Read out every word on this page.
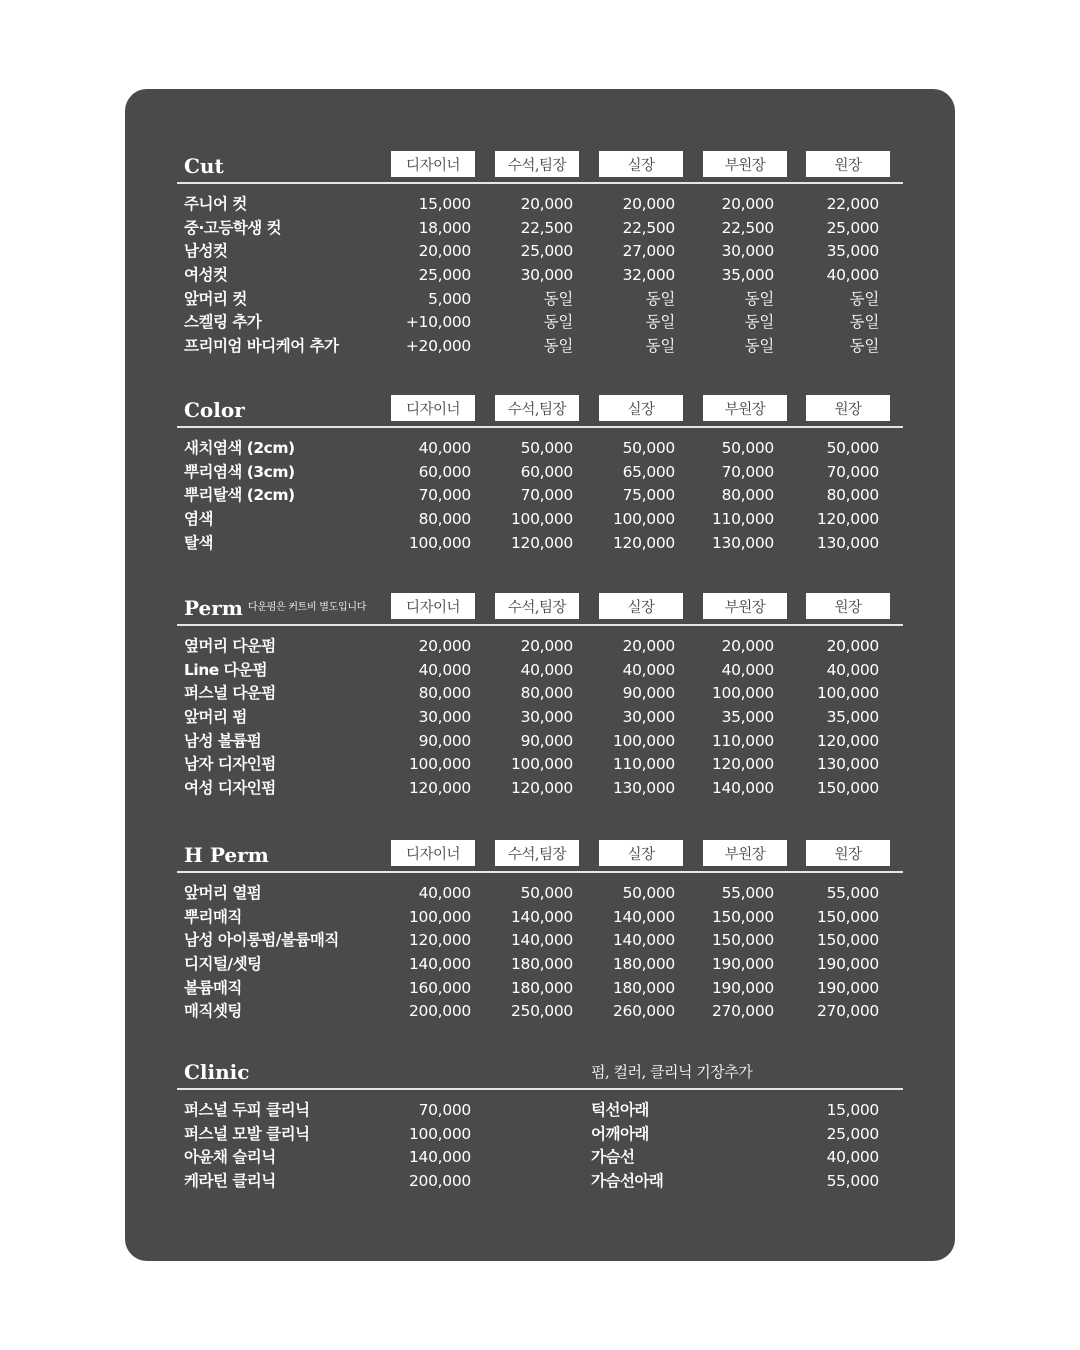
Cut	디자이너	수석,팀장	실장	부원장	원장
주니어 컷	15,000	20,000	20,000	20,000	22,000
중·고등학생 컷	18,000	22,500	22,500	22,500	25,000
남성컷	20,000	25,000	27,000	30,000	35,000
여성컷	25,000	30,000	32,000	35,000	40,000
앞머리 컷	5,000	동일	동일	동일	동일
스켈링 추가	+10,000	동일	동일	동일	동일
프리미엄 바디케어 추가	+20,000	동일	동일	동일	동일
Color	디자이너	수석,팀장	실장	부원장	원장
새치염색 (2cm)	40,000	50,000	50,000	50,000	50,000
뿌리염색 (3cm)	60,000	60,000	65,000	70,000	70,000
뿌리탈색 (2cm)	70,000	70,000	75,000	80,000	80,000
염색	80,000	100,000	100,000	110,000	120,000
탈색	100,000	120,000	120,000	130,000	130,000
Perm 다운펌은 커트비 별도입니다	디자이너	수석,팀장	실장	부원장	원장
옆머리 다운펌	20,000	20,000	20,000	20,000	20,000
Line 다운펌	40,000	40,000	40,000	40,000	40,000
퍼스널 다운펌	80,000	80,000	90,000	100,000	100,000
앞머리 펌	30,000	30,000	30,000	35,000	35,000
남성 볼륨펌	90,000	90,000	100,000	110,000	120,000
남자 디자인펌	100,000	100,000	110,000	120,000	130,000
여성 디자인펌	120,000	120,000	130,000	140,000	150,000
H Perm	디자이너	수석,팀장	실장	부원장	원장
앞머리 열펌	40,000	50,000	50,000	55,000	55,000
뿌리매직	100,000	140,000	140,000	150,000	150,000
남성 아이롱펌/볼륨매직	120,000	140,000	140,000	150,000	150,000
디지털/셋팅	140,000	180,000	180,000	190,000	190,000
볼륨매직	160,000	180,000	180,000	190,000	190,000
매직셋팅	200,000	250,000	260,000	270,000	270,000
Clinic	펌, 컬러, 클리닉 기장추가
퍼스널 두피 클리닉	70,000	턱선아래	15,000
퍼스널 모발 클리닉	100,000	어깨아래	25,000
아윤채 슬리닉	140,000	가슴선	40,000
케라틴 클리닉	200,000	가슴선아래	55,000
